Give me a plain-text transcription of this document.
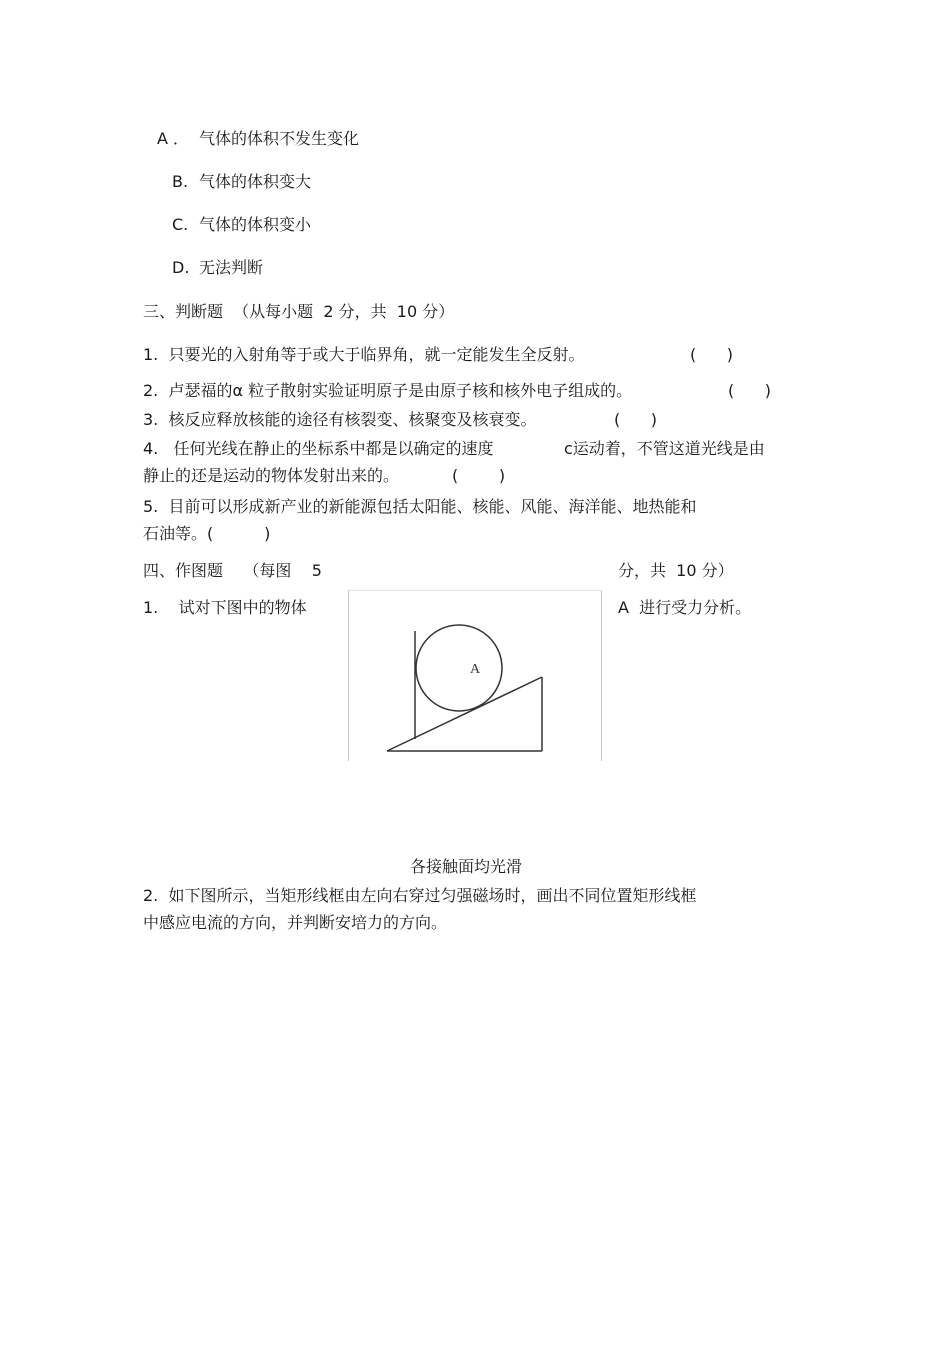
A ． 气体的体积不发生变化
B. 气体的体积变大
C. 气体的体积变小
D. 无法判断
三、判断题  （从每小题  2 分，共  10 分）
1.  只要光的入射角等于或大于临界角，就一定能发生全反射。	(      )
2.  卢瑟福的α 粒子散射实验证明原子是由原子核和核外电子组成的。	(      )
3.  核反应释放核能的途径有核裂变、核聚变及核衰变。	(      )
4.   任何光线在静止的坐标系中都是以确定的速度	c运动着，不管这道光线是由
静止的还是运动的物体发射出来的。	(        )
5.  目前可以形成新产业的新能源包括太阳能、核能、风能、海洋能、地热能和
石油等。(          )
四、作图题    （每图    5	分，共  10 分）
1.    试对下图中的物体	A  进行受力分析。
A
各接触面均光滑
2.  如下图所示，当矩形线框由左向右穿过匀强磁场时，画出不同位置矩形线框
中感应电流的方向，并判断安培力的方向。
